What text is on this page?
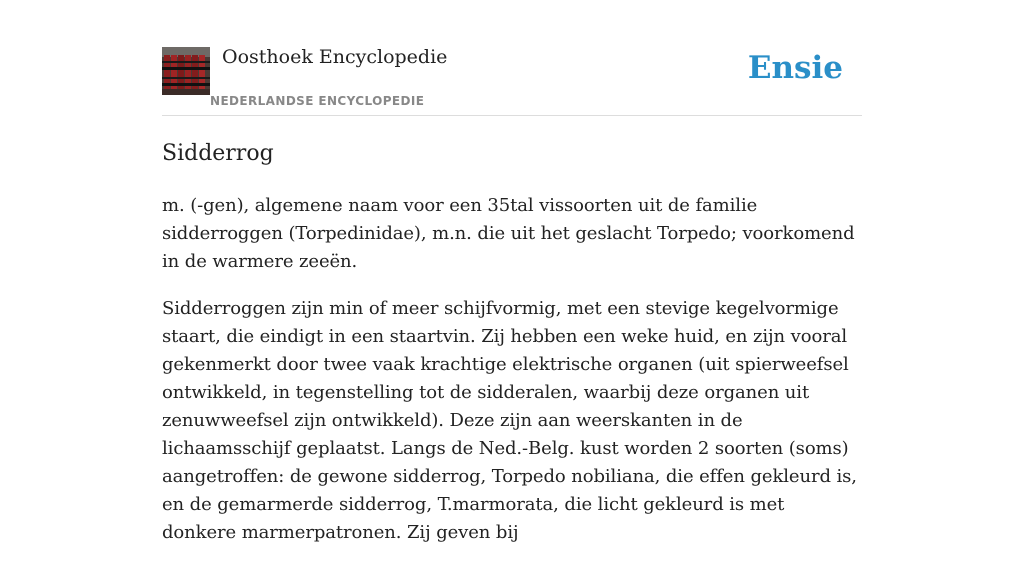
Oosthoek Encyclopedie
NEDERLANDSE ENCYCLOPEDIE
Ensie
Sidderrog

m. (-gen), algemene naam voor een 35tal vissoorten uit de familie sidderroggen (Torpedinidae), m.n. die uit het geslacht Torpedo; voorkomend in de warmere zeeën.

Sidderroggen zijn min of meer schijfvormig, met een stevige kegelvormige staart, die eindigt in een staartvin. Zij hebben een weke huid, en zijn vooral gekenmerkt door twee vaak krachtige elektrische organen (uit spierweefsel ontwikkeld, in tegenstelling tot de sidderalen, waarbij deze organen uit zenuwweefsel zijn ontwikkeld). Deze zijn aan weerskanten in de lichaamsschijf geplaatst. Langs de Ned.-Belg. kust worden 2 soorten (soms) aangetroffen: de gewone sidderrog, Torpedo nobiliana, die effen gekleurd is, en de gemarmerde sidderrog, T.marmorata, die licht gekleurd is met donkere marmerpatronen. Zij geven bij
